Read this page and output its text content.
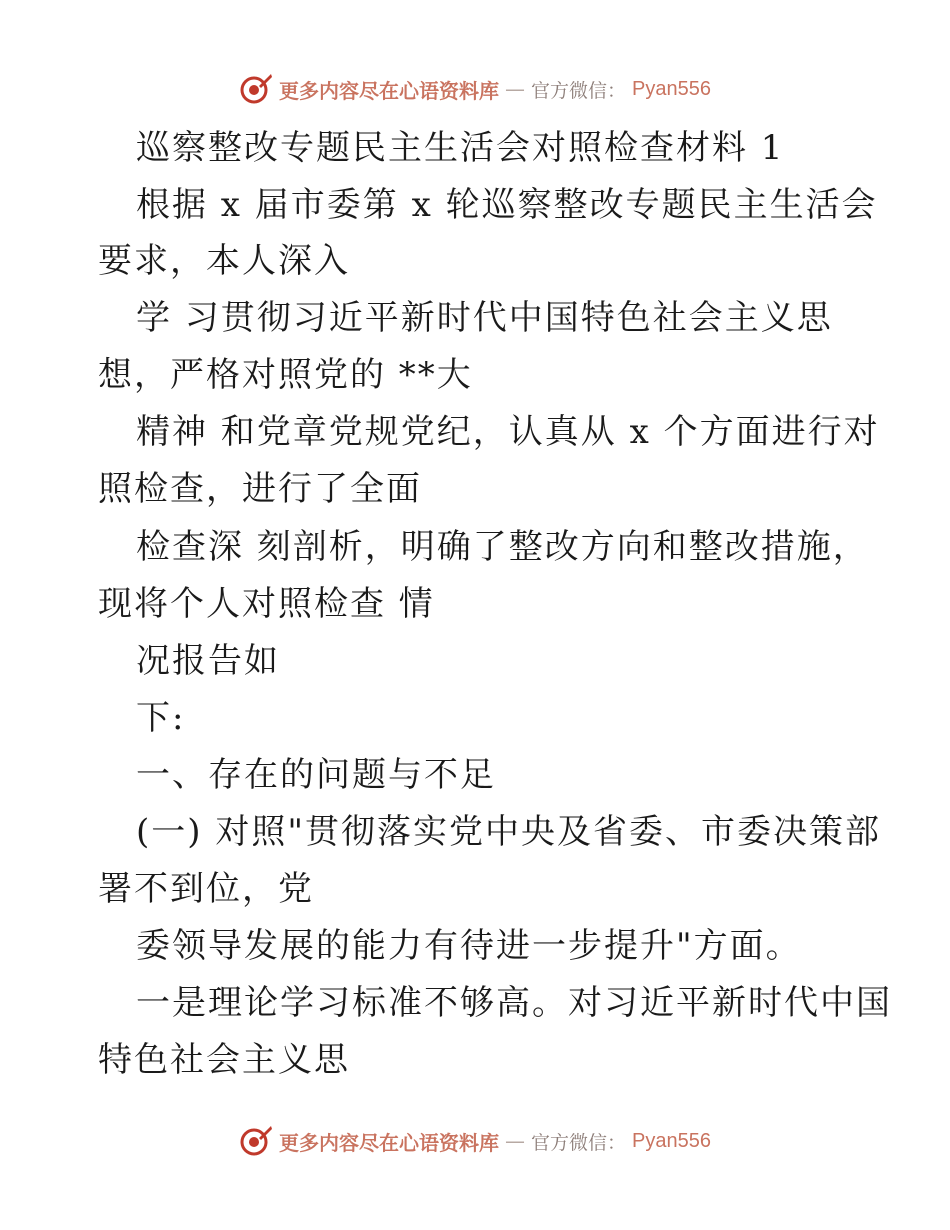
更多内容尽在心语资料库 — 官方微信： Pyan556
巡察整改专题民主生活会对照检查材料 1
根据 x 届市委第 x 轮巡察整改专题民主生活会
要求，本人深入
学 习贯彻习近平新时代中国特色社会主义思
想，严格对照党的 **大
精神 和党章党规党纪，认真从 x 个方面进行对
照检查，进行了全面
检查深 刻剖析，明确了整改方向和整改措施，
现将个人对照检查 情
况报告如
下:
一、存在的问题与不足
(一) 对照"贯彻落实党中央及省委、市委决策部
署不到位，党
委领导发展的能力有待进一步提升"方面。
一是理论学习标准不够高。对习近平新时代中国
特色社会主义思
更多内容尽在心语资料库 — 官方微信： Pyan556
